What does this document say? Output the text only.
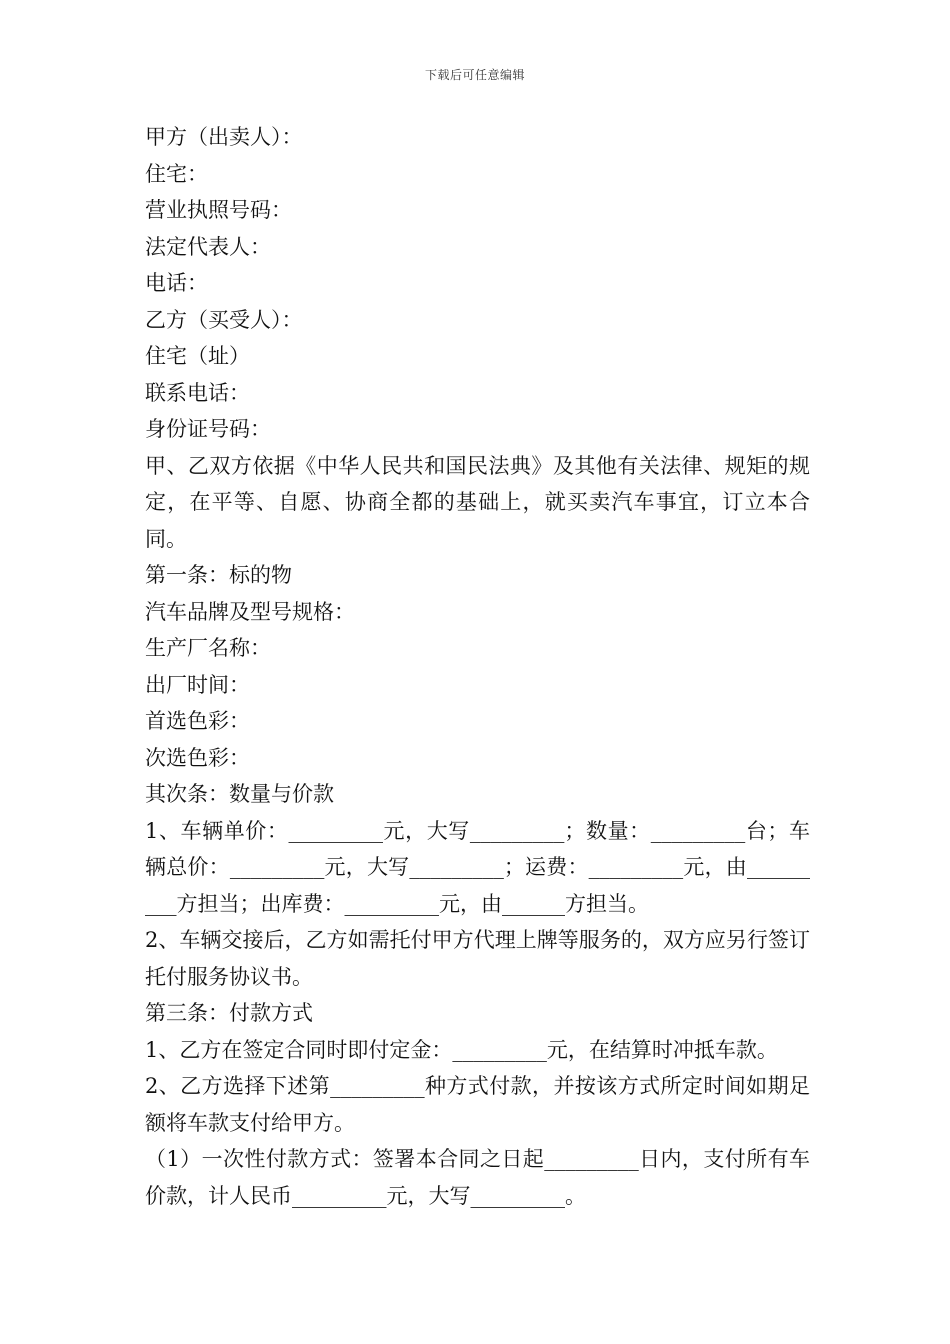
下载后可任意编辑
甲方（出卖人）：
住宅：
营业执照号码：
法定代表人：
电话：
乙方（买受人）：
住宅（址）
联系电话：
身份证号码：
甲、乙双方依据《中华人民共和国民法典》及其他有关法律、规矩的规定，在平等、自愿、协商全都的基础上，就买卖汽车事宜，订立本合同。
第一条：标的物
汽车品牌及型号规格：
生产厂名称：
出厂时间：
首选色彩：
次选色彩：
其次条：数量与价款
1、车辆单价：_________元，大写_________；数量：_________台；车辆总价：_________元，大写_________；运费：_________元，由_________方担当；出库费：_________元，由______方担当。
2、车辆交接后，乙方如需托付甲方代理上牌等服务的，双方应另行签订托付服务协议书。
第三条：付款方式
1、乙方在签定合同时即付定金：_________元，在结算时冲抵车款。
2、乙方选择下述第_________种方式付款，并按该方式所定时间如期足额将车款支付给甲方。
（1）一次性付款方式：签署本合同之日起_________日内，支付所有车价款，计人民币_________元，大写_________。
